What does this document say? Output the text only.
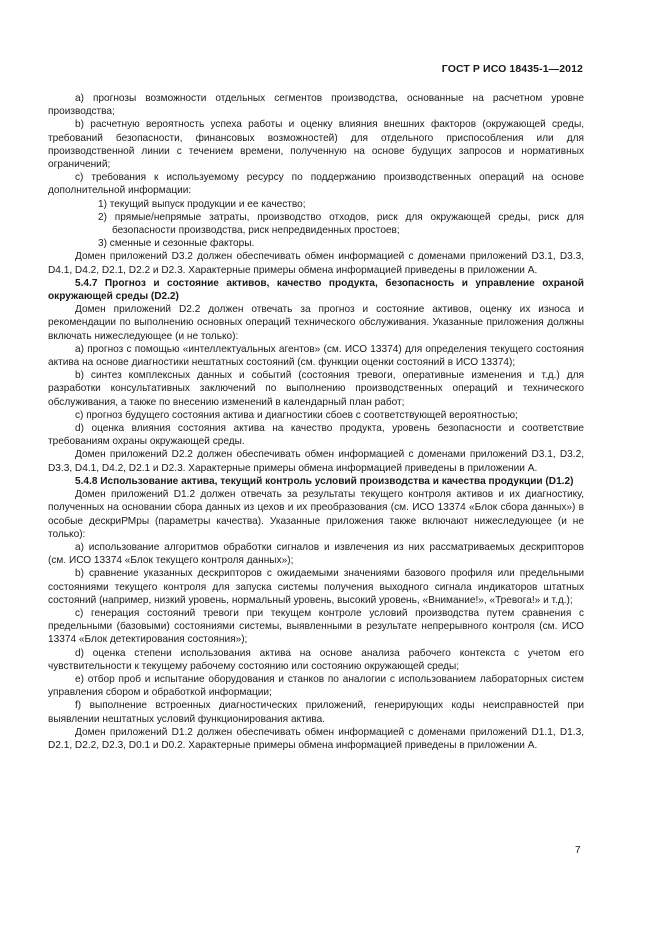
ГОСТ Р ИСО 18435-1—2012

а) прогнозы возможности отдельных сегментов производства, основанные на расчетном уровне производства;

b) расчетную вероятность успеха работы и оценку влияния внешних факторов (окружающей среды, требований безопасности, финансовых возможностей) для отдельного приспособления или для производственной линии с течением времени, полученную на основе будущих запросов и нормативных ограничений;

с) требования к используемому ресурсу по поддержанию производственных операций на основе дополнительной информации:

1) текущий выпуск продукции и ее качество;

2) прямые/непрямые затраты, производство отходов, риск для окружающей среды, риск для безопасности производства, риск непредвиденных простоев;

3) сменные и сезонные факторы.

Домен приложений D3.2 должен обеспечивать обмен информацией с доменами приложений D3.1, D3.3, D4.1, D4.2, D2.1, D2.2 и D2.3. Характерные примеры обмена информацией приведены в приложении А.

5.4.7 Прогноз и состояние активов, качество продукта, безопасность и управление охраной окружающей среды (D2.2)

Домен приложений D2.2 должен отвечать за прогноз и состояние активов, оценку их износа и рекомендации по выполнению основных операций технического обслуживания. Указанные приложения должны включать нижеследующее (и не только):

а) прогноз с помощью «интеллектуальных агентов» (см. ИСО 13374) для определения текущего состояния актива на основе диагностики нештатных состояний (см. функции оценки состояний в ИСО 13374);

b) синтез комплексных данных и событий (состояния тревоги, оперативные изменения и т.д.) для разработки консультативных заключений по выполнению производственных операций и технического обслуживания, а также по внесению изменений в календарный план работ;

с) прогноз будущего состояния актива и диагностики сбоев с соответствующей вероятностью;

d) оценка влияния состояния актива на качество продукта, уровень безопасности и соответствие требованиям охраны окружающей среды.

Домен приложений D2.2 должен обеспечивать обмен информацией с доменами приложений D3.1, D3.2, D3.3, D4.1, D4.2, D2.1 и D2.3. Характерные примеры обмена информацией приведены в приложении А.

5.4.8 Использование актива, текущий контроль условий производства и качества продукции (D1.2)

Домен приложений D1.2 должен отвечать за результаты текущего контроля активов и их диагностику, полученных на основании сбора данных из цехов и их преобразования (см. ИСО 13374 «Блок сбора данных») в особые дескриРМры (параметры качества). Указанные приложения также включают нижеследующее (и не только):

а) использование алгоритмов обработки сигналов и извлечения из них рассматриваемых дескрипторов (см. ИСО 13374 «Блок текущего контроля данных»);

b) сравнение указанных дескрипторов с ожидаемыми значениями базового профиля или предельными состояниями текущего контроля для запуска системы получения выходного сигнала индикаторов штатных состояний (например, низкий уровень, нормальный уровень, высокий уровень, «Внимание!», «Тревога!» и т.д.);

с) генерация состояний тревоги при текущем контроле условий производства путем сравнения с предельными (базовыми) состояниями системы, выявленными в результате непрерывного контроля (см. ИСО 13374 «Блок детектирования состояния»);

d) оценка степени использования актива на основе анализа рабочего контекста с учетом его чувствительности к текущему рабочему состоянию или состоянию окружающей среды;

e) отбор проб и испытание оборудования и станков по аналогии с использованием лабораторных систем управления сбором и обработкой информации;

f) выполнение встроенных диагностических приложений, генерирующих коды неисправностей при выявлении нештатных условий функционирования актива.

Домен приложений D1.2 должен обеспечивать обмен информацией с доменами приложений D1.1, D1.3, D2.1, D2.2, D2.3, D0.1 и D0.2. Характерные примеры обмена информацией приведены в приложении А.

7
